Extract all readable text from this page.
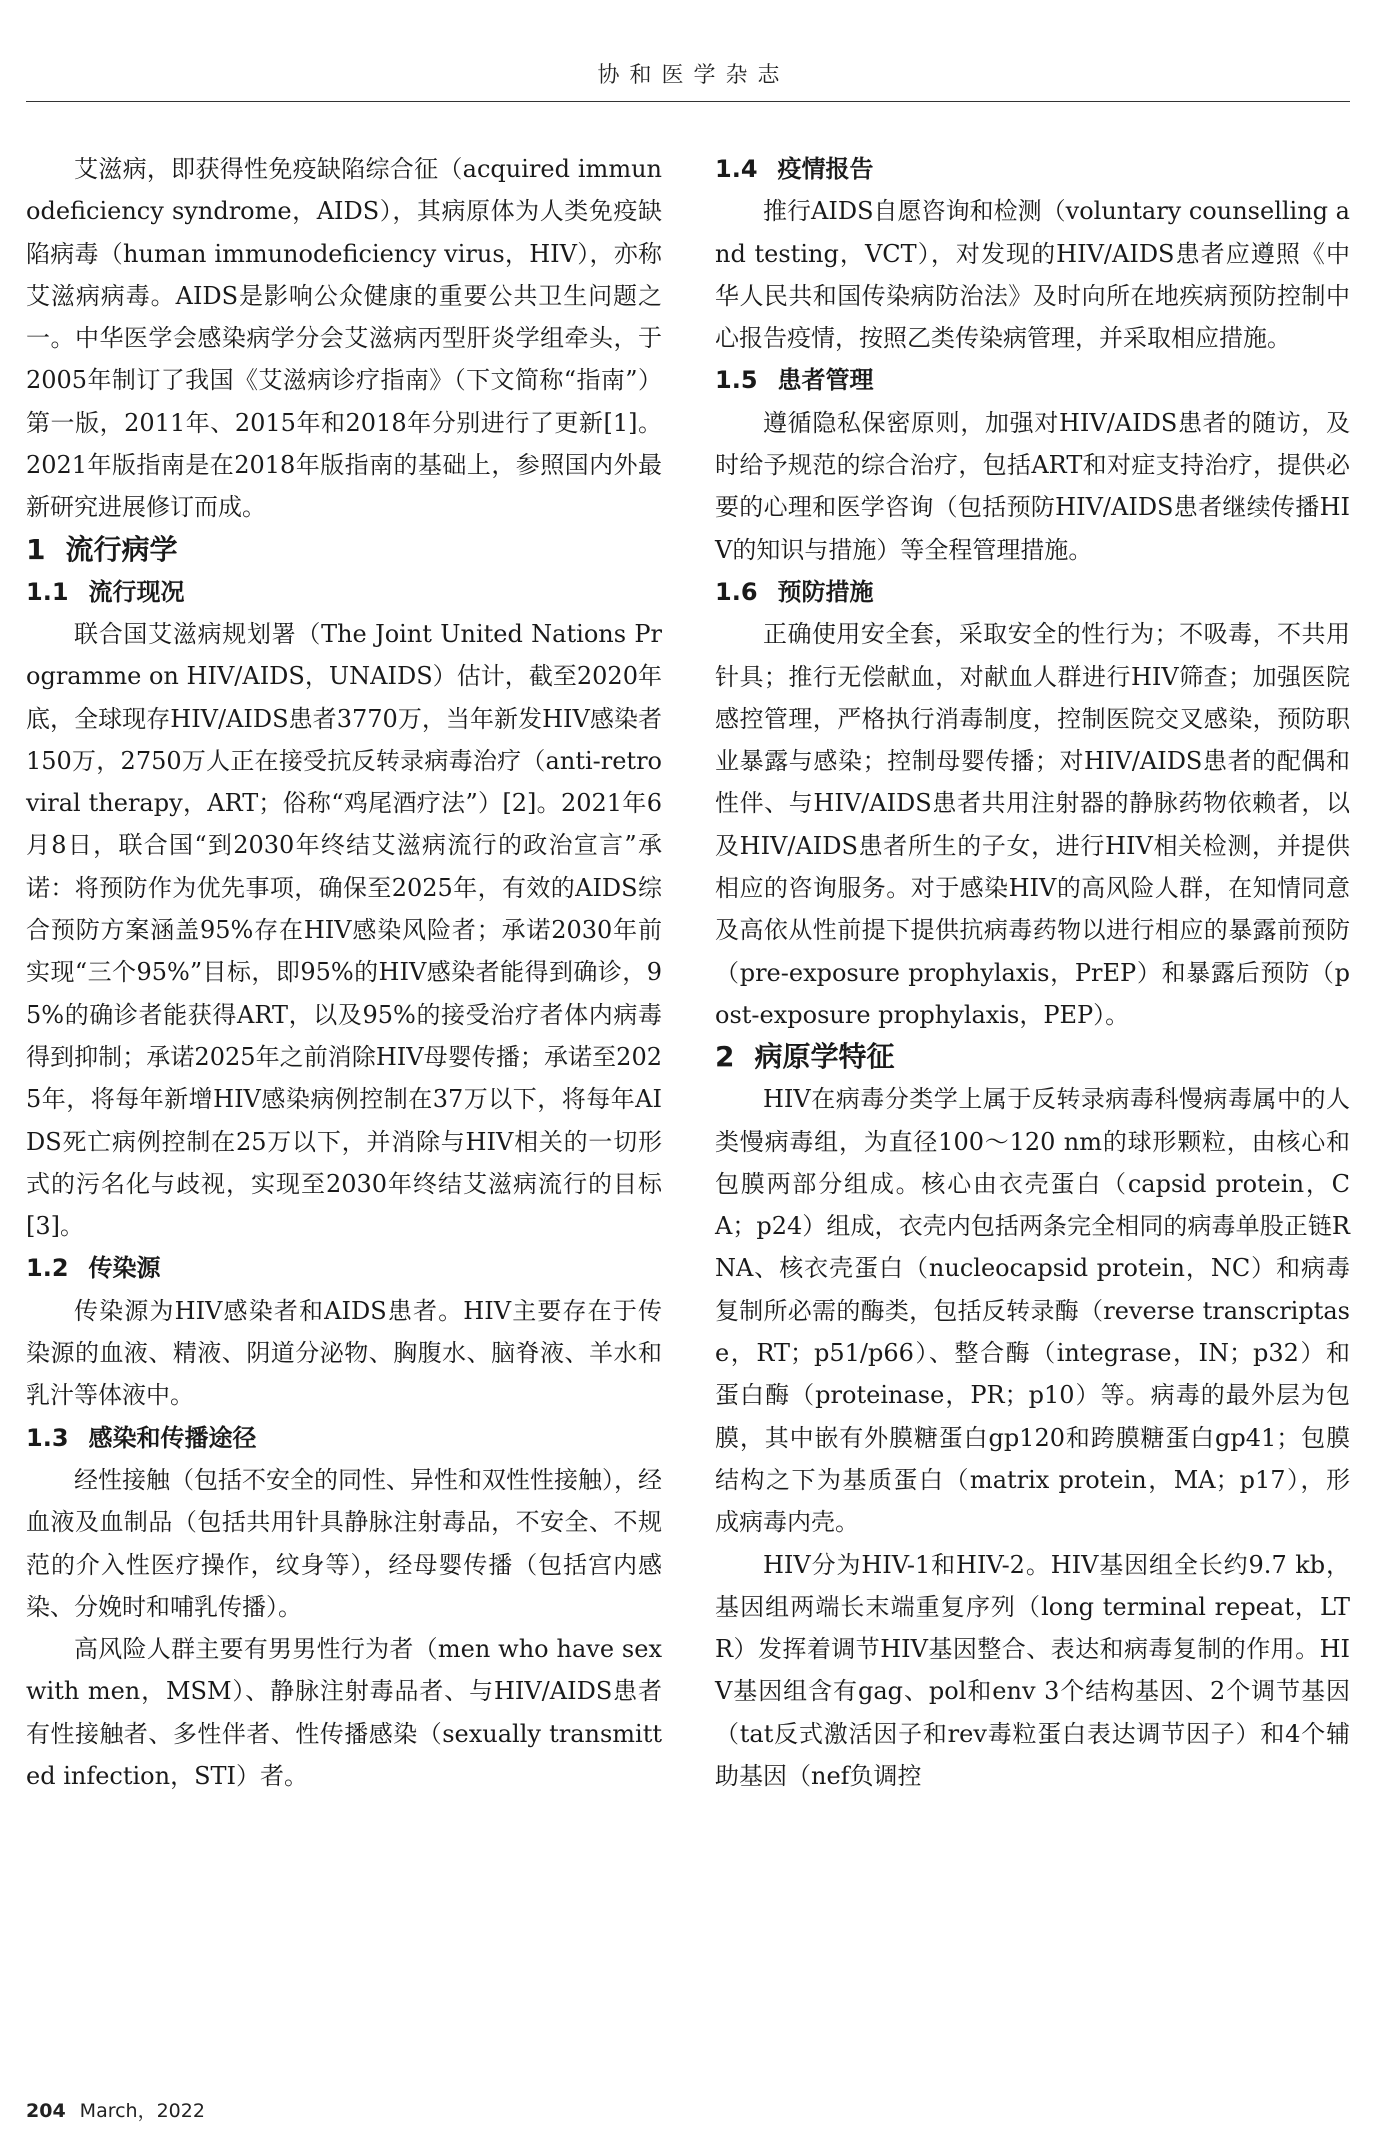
协和医学杂志

艾滋病，即获得性免疫缺陷综合征（acquired immunodeficiency syndrome，AIDS），其病原体为人类免疫缺陷病毒（human immunodeficiency virus，HIV），亦称艾滋病病毒。AIDS是影响公众健康的重要公共卫生问题之一。中华医学会感染病学分会艾滋病丙型肝炎学组牵头，于2005年制订了我国《艾滋病诊疗指南》（下文简称“指南”）第一版，2011年、2015年和2018年分别进行了更新[1]。2021年版指南是在2018年版指南的基础上，参照国内外最新研究进展修订而成。

1 流行病学
1.1 流行现况

联合国艾滋病规划署（The Joint United Nations Programme on HIV/AIDS，UNAIDS）估计，截至2020年底，全球现存HIV/AIDS患者3770万，当年新发HIV感染者150万，2750万人正在接受抗反转录病毒治疗（anti-retroviral therapy，ART；俗称“鸡尾酒疗法”）[2]。2021年6月8日，联合国“到2030年终结艾滋病流行的政治宣言”承诺：将预防作为优先事项，确保至2025年，有效的AIDS综合预防方案涵盖95%存在HIV感染风险者；承诺2030年前实现“三个95%”目标，即95%的HIV感染者能得到确诊，95%的确诊者能获得ART，以及95%的接受治疗者体内病毒得到抑制；承诺2025年之前消除HIV母婴传播；承诺至2025年，将每年新增HIV感染病例控制在37万以下，将每年AIDS死亡病例控制在25万以下，并消除与HIV相关的一切形式的污名化与歧视，实现至2030年终结艾滋病流行的目标[3]。

1.2 传染源

传染源为HIV感染者和AIDS患者。HIV主要存在于传染源的血液、精液、阴道分泌物、胸腹水、脑脊液、羊水和乳汁等体液中。

1.3 感染和传播途径

经性接触（包括不安全的同性、异性和双性性接触），经血液及血制品（包括共用针具静脉注射毒品，不安全、不规范的介入性医疗操作，纹身等），经母婴传播（包括宫内感染、分娩时和哺乳传播）。

高风险人群主要有男男性行为者（men who have sex with men，MSM）、静脉注射毒品者、与HIV/AIDS患者有性接触者、多性伴者、性传播感染（sexually transmitted infection，STI）者。

1.4 疫情报告

推行AIDS自愿咨询和检测（voluntary counselling and testing，VCT），对发现的HIV/AIDS患者应遵照《中华人民共和国传染病防治法》及时向所在地疾病预防控制中心报告疫情，按照乙类传染病管理，并采取相应措施。

1.5 患者管理

遵循隐私保密原则，加强对HIV/AIDS患者的随访，及时给予规范的综合治疗，包括ART和对症支持治疗，提供必要的心理和医学咨询（包括预防HIV/AIDS患者继续传播HIV的知识与措施）等全程管理措施。

1.6 预防措施

正确使用安全套，采取安全的性行为；不吸毒，不共用针具；推行无偿献血，对献血人群进行HIV筛查；加强医院感控管理，严格执行消毒制度，控制医院交叉感染，预防职业暴露与感染；控制母婴传播；对HIV/AIDS患者的配偶和性伴、与HIV/AIDS患者共用注射器的静脉药物依赖者，以及HIV/AIDS患者所生的子女，进行HIV相关检测，并提供相应的咨询服务。对于感染HIV的高风险人群，在知情同意及高依从性前提下提供抗病毒药物以进行相应的暴露前预防（pre-exposure prophylaxis，PrEP）和暴露后预防（post-exposure prophylaxis，PEP）。

2 病原学特征

HIV在病毒分类学上属于反转录病毒科慢病毒属中的人类慢病毒组，为直径100～120 nm的球形颗粒，由核心和包膜两部分组成。核心由衣壳蛋白（capsid protein，CA；p24）组成，衣壳内包括两条完全相同的病毒单股正链RNA、核衣壳蛋白（nucleocapsid protein，NC）和病毒复制所必需的酶类，包括反转录酶（reverse transcriptase，RT；p51/p66）、整合酶（integrase，IN；p32）和蛋白酶（proteinase，PR；p10）等。病毒的最外层为包膜，其中嵌有外膜糖蛋白gp120和跨膜糖蛋白gp41；包膜结构之下为基质蛋白（matrix protein，MA；p17），形成病毒内壳。

HIV分为HIV-1和HIV-2。HIV基因组全长约9.7 kb，基因组两端长末端重复序列（long terminal repeat，LTR）发挥着调节HIV基因整合、表达和病毒复制的作用。HIV基因组含有gag、pol和env 3个结构基因、2个调节基因（tat反式激活因子和rev毒粒蛋白表达调节因子）和4个辅助基因（nef负调控

204 March，2022
